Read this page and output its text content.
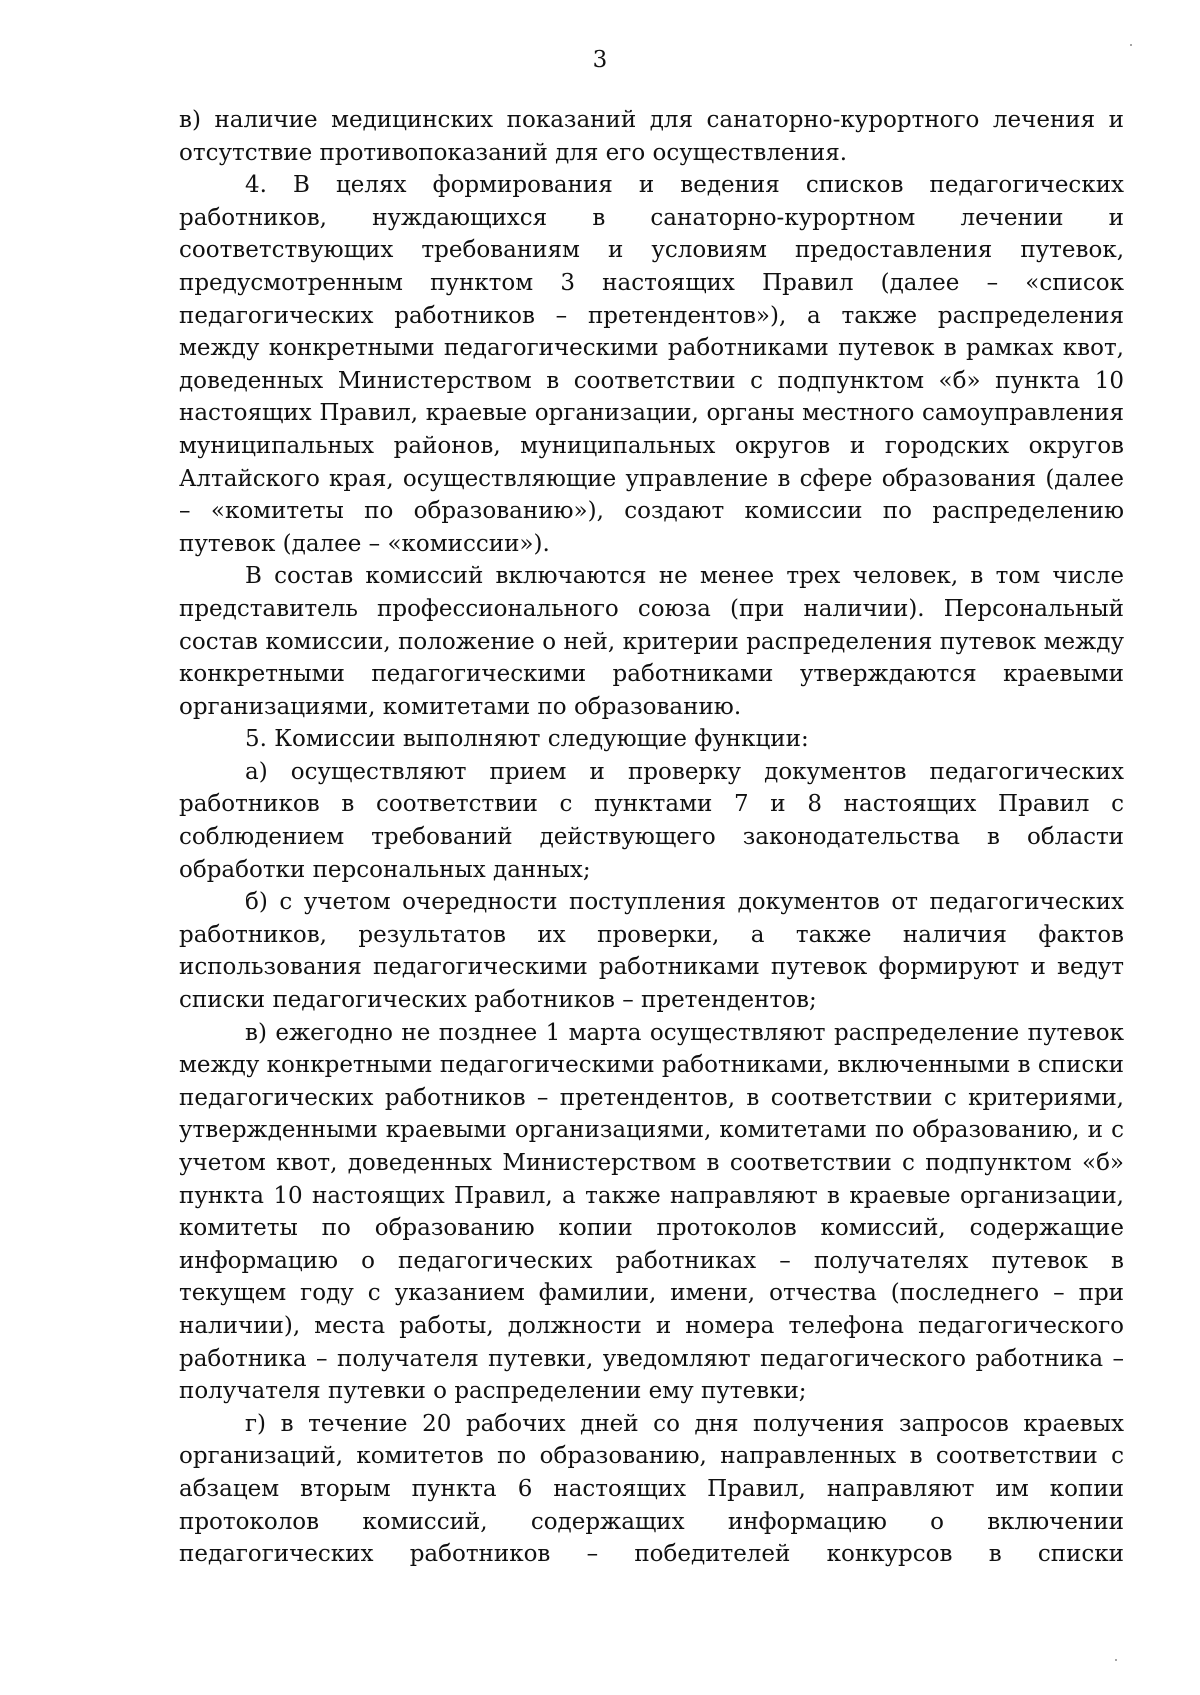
3

в) наличие медицинских показаний для санаторно-курортного лечения и отсутствие противопоказаний для его осуществления.

4. В целях формирования и ведения списков педагогических работников, нуждающихся в санаторно-курортном лечении и соответствующих требованиям и условиям предоставления путевок, предусмотренным пунктом 3 настоящих Правил (далее – «список педагогических работников – претендентов»), а также распределения между конкретными педагогическими работниками путевок в рамках квот, доведенных Министерством в соответствии с подпунктом «б» пункта 10 настоящих Правил, краевые организации, органы местного самоуправления муниципальных районов, муниципальных округов и городских округов Алтайского края, осуществляющие управление в сфере образования (далее – «комитеты по образованию»), создают комиссии по распределению путевок (далее – «комиссии»).

В состав комиссий включаются не менее трех человек, в том числе представитель профессионального союза (при наличии). Персональный состав комиссии, положение о ней, критерии распределения путевок между конкретными педагогическими работниками утверждаются краевыми организациями, комитетами по образованию.

5. Комиссии выполняют следующие функции:

а) осуществляют прием и проверку документов педагогических работников в соответствии с пунктами 7 и 8 настоящих Правил с соблюдением требований действующего законодательства в области обработки персональных данных;

б) с учетом очередности поступления документов от педагогических работников, результатов их проверки, а также наличия фактов использования педагогическими работниками путевок формируют и ведут списки педагогических работников – претендентов;

в) ежегодно не позднее 1 марта осуществляют распределение путевок между конкретными педагогическими работниками, включенными в списки педагогических работников – претендентов, в соответствии с критериями, утвержденными краевыми организациями, комитетами по образованию, и с учетом квот, доведенных Министерством в соответствии с подпунктом «б» пункта 10 настоящих Правил, а также направляют в краевые организации, комитеты по образованию копии протоколов комиссий, содержащие информацию о педагогических работниках – получателях путевок в текущем году с указанием фамилии, имени, отчества (последнего – при наличии), места работы, должности и номера телефона педагогического работника – получателя путевки, уведомляют педагогического работника – получателя путевки о распределении ему путевки;

г) в течение 20 рабочих дней со дня получения запросов краевых организаций, комитетов по образованию, направленных в соответствии с абзацем вторым пункта 6 настоящих Правил, направляют им копии протоколов комиссий, содержащих информацию о включении педагогических работников – победителей конкурсов в списки
